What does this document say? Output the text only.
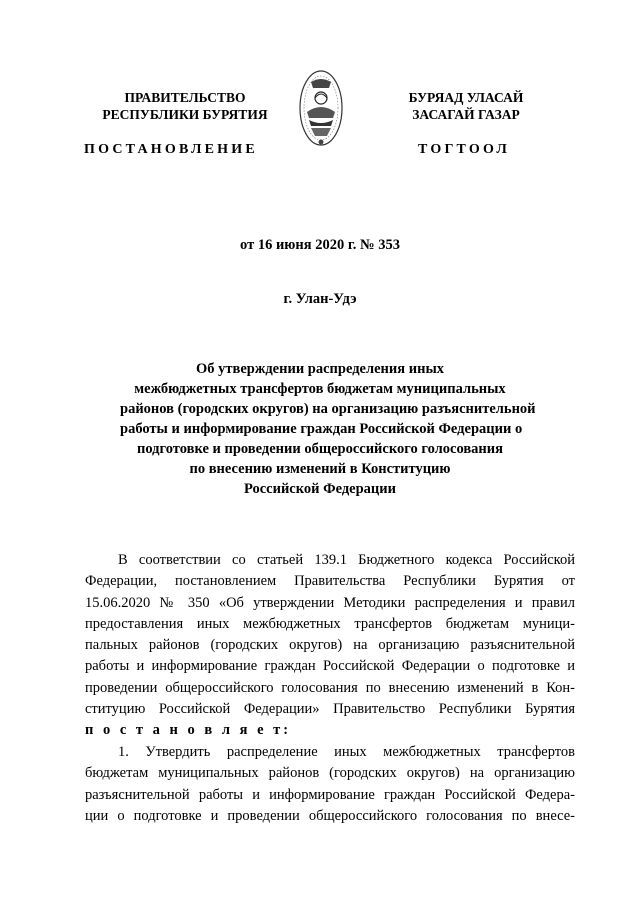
ПРАВИТЕЛЬСТВО
РЕСПУБЛИКИ БУРЯТИЯ
ПОСТАНОВЛЕНИЕ
БУРЯАД УЛАСАЙ
ЗАСАГАЙ ГАЗАР
ТОГТООЛ
от 16 июня 2020 г. № 353
г. Улан-Удэ
Об утверждении распределения иных
межбюджетных трансфертов бюджетам муниципальных
районов (городских округов) на организацию разъяснительной
работы и информирование граждан Российской Федерации о
подготовке и проведении общероссийского голосования
по внесению изменений в Конституцию
Российской Федерации
В соответствии со статьей 139.1 Бюджетного кодекса Российской
Федерации, постановлением Правительства Республики Бурятия от
15.06.2020 № 350 «Об утверждении Методики распределения и правил
предоставления иных межбюджетных трансфертов бюджетам муници-
пальных районов (городских округов) на организацию разъяснительной
работы и информирование граждан Российской Федерации о подготовке и
проведении общероссийского голосования по внесению изменений в Кон-
ституцию Российской Федерации» Правительство Республики Бурятия
п о с т а н о в л я е т:
1. Утвердить распределение иных межбюджетных трансфертов
бюджетам муниципальных районов (городских округов) на организацию
разъяснительной работы и информирование граждан Российской Федера-
ции о подготовке и проведении общероссийского голосования по внесе-
